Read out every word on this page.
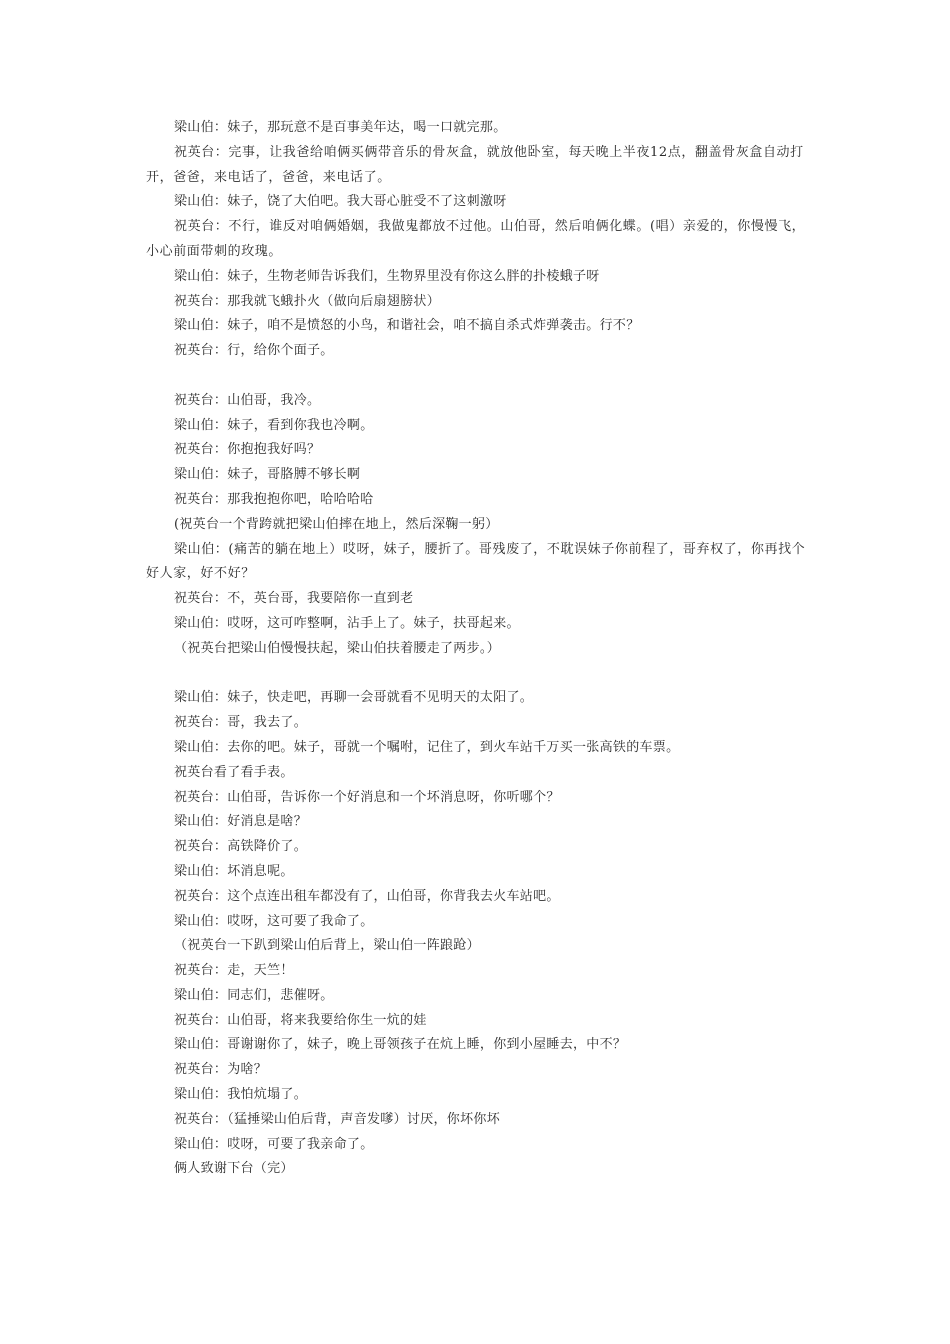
梁山伯：妹子，那玩意不是百事美年达，喝一口就完那。
祝英台：完事，让我爸给咱俩买俩带音乐的骨灰盒，就放他卧室，每天晚上半夜12点，翻盖骨灰盒自动打开，爸爸，来电话了，爸爸，来电话了。
梁山伯：妹子，饶了大伯吧。我大哥心脏受不了这刺激呀
祝英台：不行，谁反对咱俩婚姻，我做鬼都放不过他。山伯哥，然后咱俩化蝶。(唱）亲爱的，你慢慢飞，小心前面带刺的玫瑰。
梁山伯：妹子，生物老师告诉我们，生物界里没有你这么胖的扑棱蛾子呀
祝英台：那我就飞蛾扑火（做向后扇翅膀状）
梁山伯：妹子，咱不是愤怒的小鸟，和谐社会，咱不搞自杀式炸弹袭击。行不？
祝英台：行，给你个面子。
祝英台：山伯哥，我冷。
梁山伯：妹子，看到你我也冷啊。
祝英台：你抱抱我好吗？
梁山伯：妹子，哥胳膊不够长啊
祝英台：那我抱抱你吧，哈哈哈哈
(祝英台一个背跨就把梁山伯摔在地上，然后深鞠一躬）
梁山伯：(痛苦的躺在地上）哎呀，妹子，腰折了。哥残废了，不耽误妹子你前程了，哥弃权了，你再找个好人家，好不好？
祝英台：不，英台哥，我要陪你一直到老
梁山伯：哎呀，这可咋整啊，沾手上了。妹子，扶哥起来。
（祝英台把梁山伯慢慢扶起，梁山伯扶着腰走了两步。）
梁山伯：妹子，快走吧，再聊一会哥就看不见明天的太阳了。
祝英台：哥，我去了。
梁山伯：去你的吧。妹子，哥就一个嘱咐，记住了，到火车站千万买一张高铁的车票。
祝英台看了看手表。
祝英台：山伯哥，告诉你一个好消息和一个坏消息呀，你听哪个？
梁山伯：好消息是啥？
祝英台：高铁降价了。
梁山伯：坏消息呢。
祝英台：这个点连出租车都没有了，山伯哥，你背我去火车站吧。
梁山伯：哎呀，这可要了我命了。
（祝英台一下趴到梁山伯后背上，梁山伯一阵踉跄）
祝英台：走，天竺！
梁山伯：同志们，悲催呀。
祝英台：山伯哥，将来我要给你生一炕的娃
梁山伯：哥谢谢你了，妹子，晚上哥领孩子在炕上睡，你到小屋睡去，中不？
祝英台：为啥？
梁山伯：我怕炕塌了。
祝英台：（猛捶梁山伯后背，声音发嗲）讨厌，你坏你坏
梁山伯：哎呀，可要了我亲命了。
俩人致谢下台（完）
